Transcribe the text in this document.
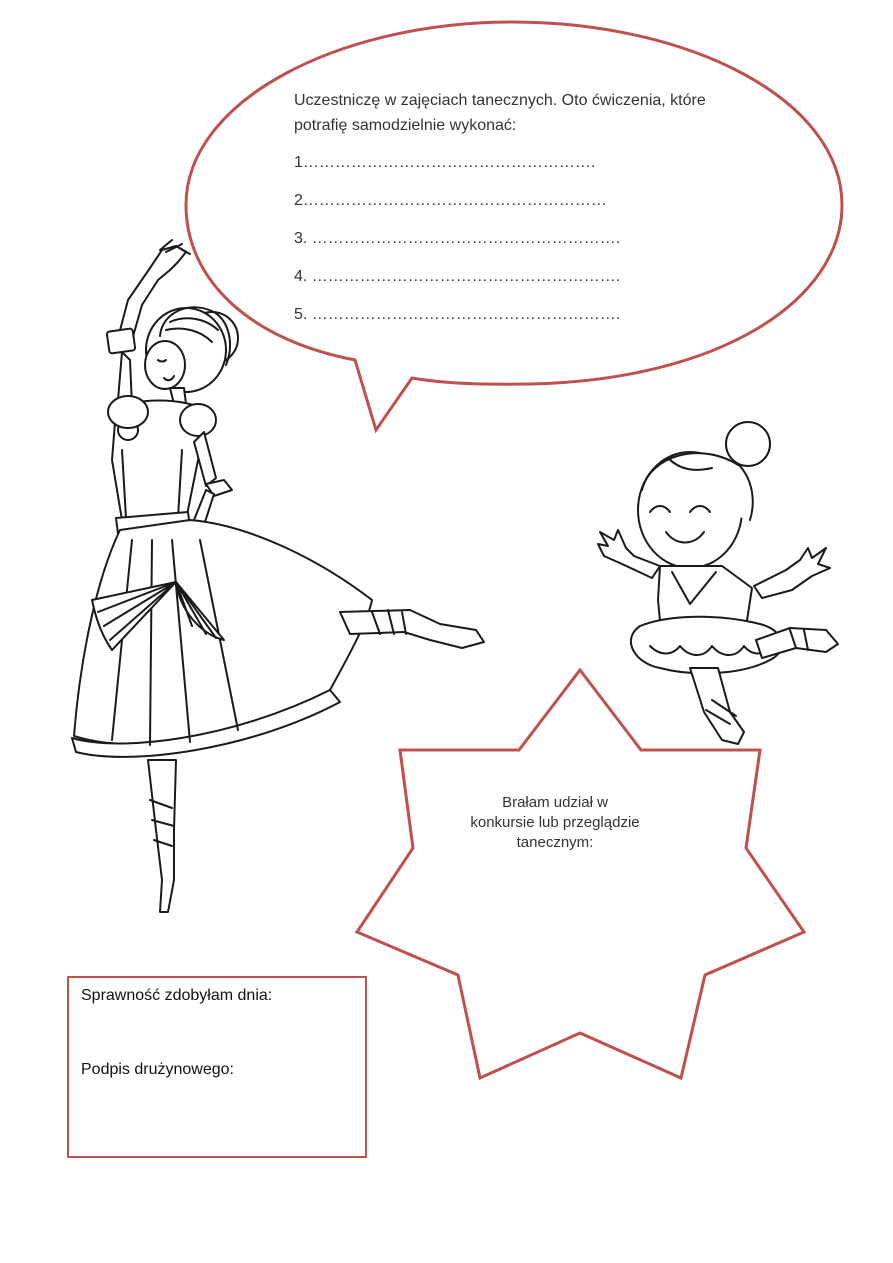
Uczestniczę w zajęciach tanecznych. Oto ćwiczenia, które potrafię samodzielnie wykonać:

1……………………………………………….

2…………………………………………………

3. ………………………………………………….

4. ………………………………………………….

5. ………………………………………………….

Brałam udział w konkursie lub przeglądzie tanecznym:
Sprawność zdobyłam dnia:
Podpis drużynowego:
